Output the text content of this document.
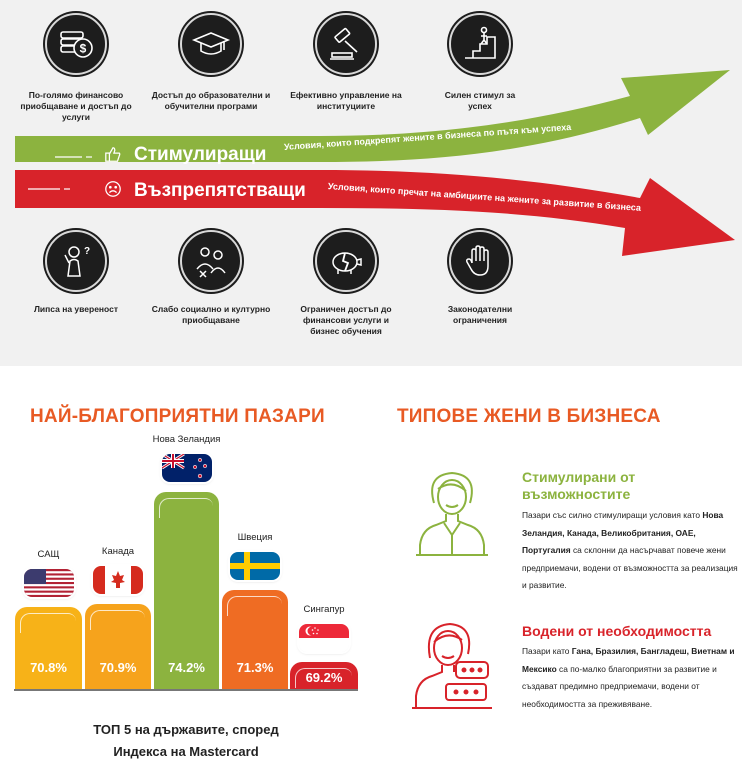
$
По-голямо финансово приобщаване и достъп до услуги
Достъп до образователни и обучителни програми
Ефективно управление на институциите
Силен стимул за успех
Стимулиращи
Условия, които подкрепят жените в бизнеса по пътя към успеха
Възпрепятстващи Условия, които пречат на амбициите на жените за развитие в бизнеса
?
Липса на увереност	Слабо социално и културно приобщаване
Ограничен достъп до финансови услуги и бизнес обучения
Законодателни ограничения
НАЙ-БЛАГОПРИЯТНИ ПАЗАРИ	ТИПОВЕ ЖЕНИ В БИЗНЕСА
70.8%
САЩ
70.9%
Канада
74.2%
Нова Зеландия
71.3%
Швеция
69.2%
Сингапур
ТОП 5 на държавите, според
Индекса на Mastercard
Стимулирани от възможностите
Пазари със силно стимулиращи условия като Нова Зеландия, Канада, Великобритания, ОАЕ, Португалия са склонни да насърчават повече жени предприемачи, водени от възможността за реализация и развитие.
Водени от необходимостта
Пазари като Гана, Бразилия, Бангладеш, Виетнам и Мексико са по-малко благоприятни за развитие и създават предимно предприемачи, водени от необходимостта за преживяване.
